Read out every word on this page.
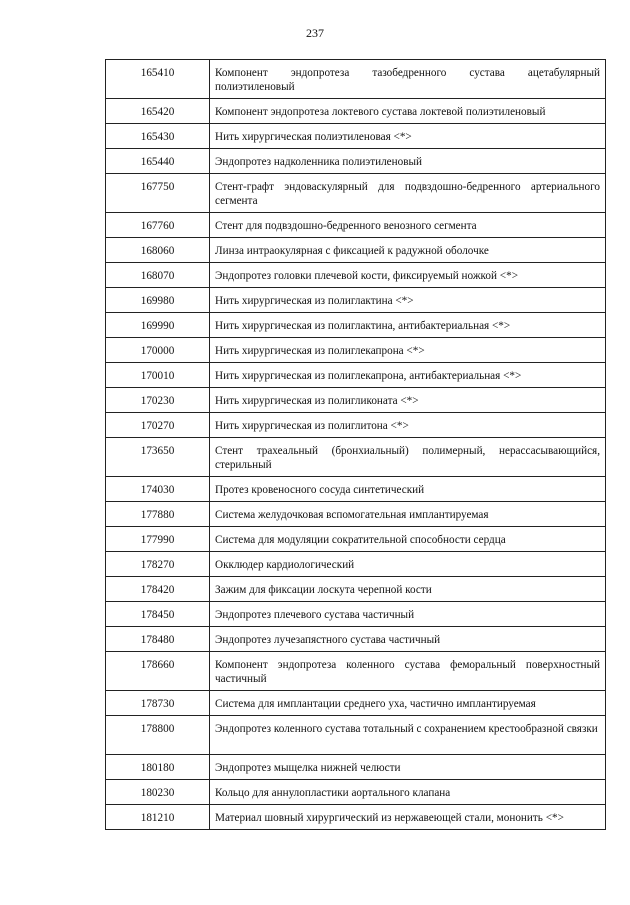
237
165410	Компонент эндопротеза тазобедренного сустава ацетабулярный полиэтиленовый
165420	Компонент эндопротеза локтевого сустава локтевой полиэтиленовый
165430	Нить хирургическая полиэтиленовая <*>
165440	Эндопротез надколенника полиэтиленовый
167750	Стент-графт эндоваскулярный для подвздошно-бедренного артериального сегмента
167760	Стент для подвздошно-бедренного венозного сегмента
168060	Линза интраокулярная с фиксацией к радужной оболочке
168070	Эндопротез головки плечевой кости, фиксируемый ножкой <*>
169980	Нить хирургическая из полиглактина <*>
169990	Нить хирургическая из полиглактина, антибактериальная <*>
170000	Нить хирургическая из полиглекапрона <*>
170010	Нить хирургическая из полиглекапрона, антибактериальная <*>
170230	Нить хирургическая из полигликоната <*>
170270	Нить хирургическая из полиглитона <*>
173650	Стент трахеальный (бронхиальный) полимерный, нерассасывающийся, стерильный
174030	Протез кровеносного сосуда синтетический
177880	Система желудочковая вспомогательная имплантируемая
177990	Система для модуляции сократительной способности сердца
178270	Окклюдер кардиологический
178420	Зажим для фиксации лоскута черепной кости
178450	Эндопротез плечевого сустава частичный
178480	Эндопротез лучезапястного сустава частичный
178660	Компонент эндопротеза коленного сустава феморальный поверхностный частичный
178730	Система для имплантации среднего уха, частично имплантируемая
178800	Эндопротез коленного сустава тотальный с сохранением крестообразной связки
180180	Эндопротез мыщелка нижней челюсти
180230	Кольцо для аннулопластики аортального клапана
181210	Материал шовный хирургический из нержавеющей стали, мононить <*>
